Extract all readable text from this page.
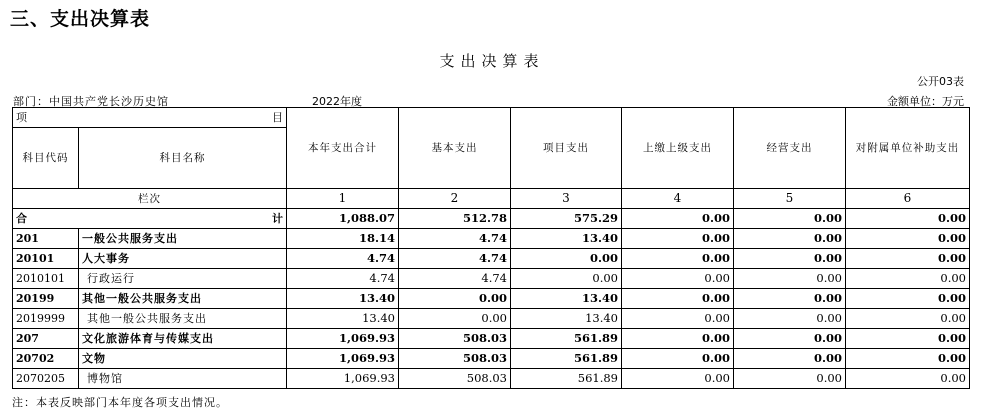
三、支出决算表
支出决算表
公开03表
部门：中国共产党长沙历史馆	2022年度	金额单位：万元
项 目		本年支出合计	基本支出	项目支出	上缴上级支出	经营支出	对附属单位补助支出
科目代码	科目名称						
栏次		1	2	3	4	5	6

合 计		1,088.07	512.78	575.29	0.00	0.00	0.00
201	一般公共服务支出	18.14	4.74	13.40	0.00	0.00	0.00
20101	人大事务	4.74	4.74	0.00	0.00	0.00	0.00
2010101	行政运行	4.74	4.74	0.00	0.00	0.00	0.00
20199	其他一般公共服务支出	13.40	0.00	13.40	0.00	0.00	0.00
2019999	其他一般公共服务支出	13.40	0.00	13.40	0.00	0.00	0.00
207	文化旅游体育与传媒支出	1,069.93	508.03	561.89	0.00	0.00	0.00
20702	文物	1,069.93	508.03	561.89	0.00	0.00	0.00
2070205	博物馆	1,069.93	508.03	561.89	0.00	0.00	0.00
注：本表反映部门本年度各项支出情况。
